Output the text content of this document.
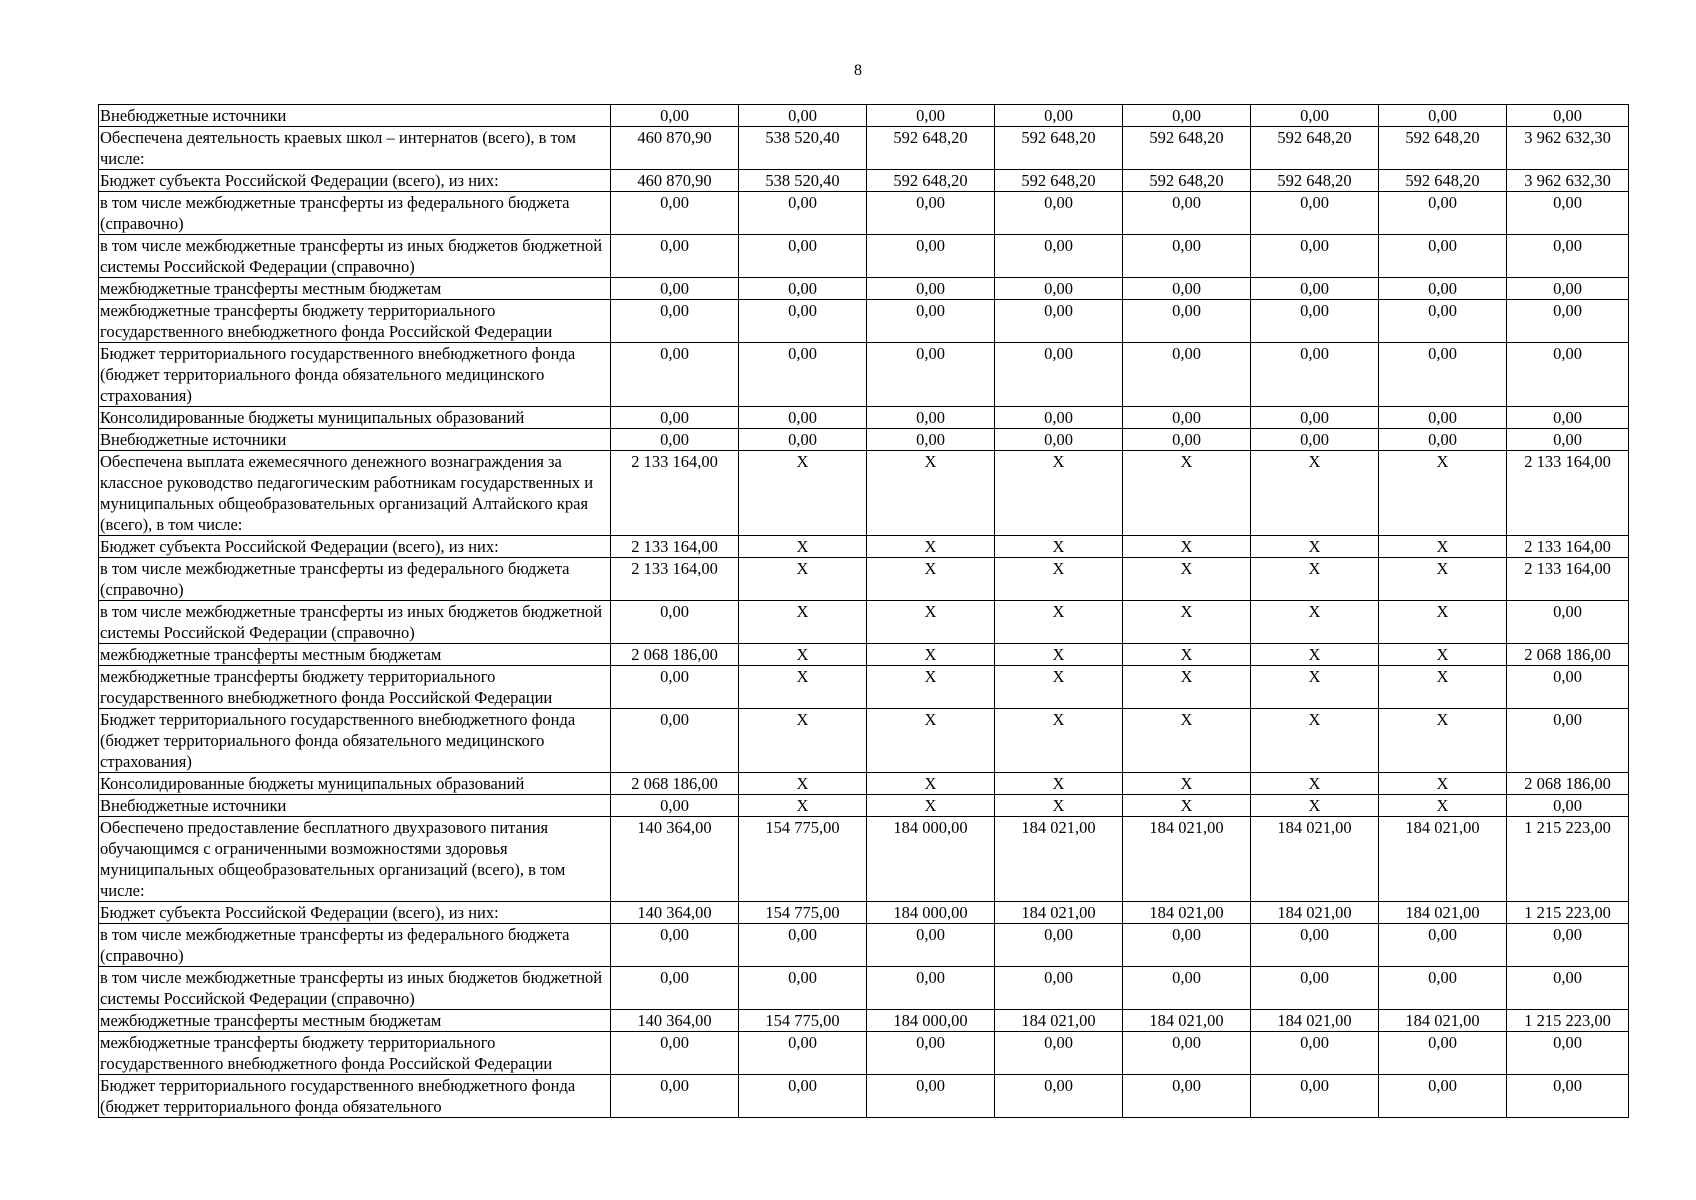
8
Внебюджетные источники	0,00	0,00	0,00	0,00	0,00	0,00	0,00	0,00
Обеспечена деятельность краевых школ – интернатов (всего), в том числе:	460 870,90	538 520,40	592 648,20	592 648,20	592 648,20	592 648,20	592 648,20	3 962 632,30
Бюджет субъекта Российской Федерации (всего), из них:	460 870,90	538 520,40	592 648,20	592 648,20	592 648,20	592 648,20	592 648,20	3 962 632,30
в том числе межбюджетные трансферты из федерального бюджета (справочно)	0,00	0,00	0,00	0,00	0,00	0,00	0,00	0,00
в том числе межбюджетные трансферты из иных бюджетов бюджетной системы Российской Федерации (справочно)	0,00	0,00	0,00	0,00	0,00	0,00	0,00	0,00
межбюджетные трансферты местным бюджетам	0,00	0,00	0,00	0,00	0,00	0,00	0,00	0,00
межбюджетные трансферты бюджету территориального государственного внебюджетного фонда Российской Федерации	0,00	0,00	0,00	0,00	0,00	0,00	0,00	0,00
Бюджет территориального государственного внебюджетного фонда (бюджет территориального фонда обязательного медицинского страхования)	0,00	0,00	0,00	0,00	0,00	0,00	0,00	0,00
Консолидированные бюджеты муниципальных образований	0,00	0,00	0,00	0,00	0,00	0,00	0,00	0,00
Внебюджетные источники	0,00	0,00	0,00	0,00	0,00	0,00	0,00	0,00
Обеспечена выплата ежемесячного денежного вознаграждения за классное руководство педагогическим работникам государственных и муниципальных общеобразовательных организаций Алтайского края (всего), в том числе:	2 133 164,00	Х	Х	Х	Х	Х	Х	2 133 164,00
Бюджет субъекта Российской Федерации (всего), из них:	2 133 164,00	Х	Х	Х	Х	Х	Х	2 133 164,00
в том числе межбюджетные трансферты из федерального бюджета (справочно)	2 133 164,00	Х	Х	Х	Х	Х	Х	2 133 164,00
в том числе межбюджетные трансферты из иных бюджетов бюджетной системы Российской Федерации (справочно)	0,00	Х	Х	Х	Х	Х	Х	0,00
межбюджетные трансферты местным бюджетам	2 068 186,00	Х	Х	Х	Х	Х	Х	2 068 186,00
межбюджетные трансферты бюджету территориального государственного внебюджетного фонда Российской Федерации	0,00	Х	Х	Х	Х	Х	Х	0,00
Бюджет территориального государственного внебюджетного фонда (бюджет территориального фонда обязательного медицинского страхования)	0,00	Х	Х	Х	Х	Х	Х	0,00
Консолидированные бюджеты муниципальных образований	2 068 186,00	Х	Х	Х	Х	Х	Х	2 068 186,00
Внебюджетные источники	0,00	Х	Х	Х	Х	Х	Х	0,00
Обеспечено предоставление бесплатного двухразового питания обучающимся с ограниченными возможностями здоровья муниципальных общеобразовательных организаций (всего), в том числе:	140 364,00	154 775,00	184 000,00	184 021,00	184 021,00	184 021,00	184 021,00	1 215 223,00
Бюджет субъекта Российской Федерации (всего), из них:	140 364,00	154 775,00	184 000,00	184 021,00	184 021,00	184 021,00	184 021,00	1 215 223,00
в том числе межбюджетные трансферты из федерального бюджета (справочно)	0,00	0,00	0,00	0,00	0,00	0,00	0,00	0,00
в том числе межбюджетные трансферты из иных бюджетов бюджетной системы Российской Федерации (справочно)	0,00	0,00	0,00	0,00	0,00	0,00	0,00	0,00
межбюджетные трансферты местным бюджетам	140 364,00	154 775,00	184 000,00	184 021,00	184 021,00	184 021,00	184 021,00	1 215 223,00
межбюджетные трансферты бюджету территориального государственного внебюджетного фонда Российской Федерации	0,00	0,00	0,00	0,00	0,00	0,00	0,00	0,00
Бюджет территориального государственного внебюджетного фонда (бюджет территориального фонда обязательного	0,00	0,00	0,00	0,00	0,00	0,00	0,00	0,00
